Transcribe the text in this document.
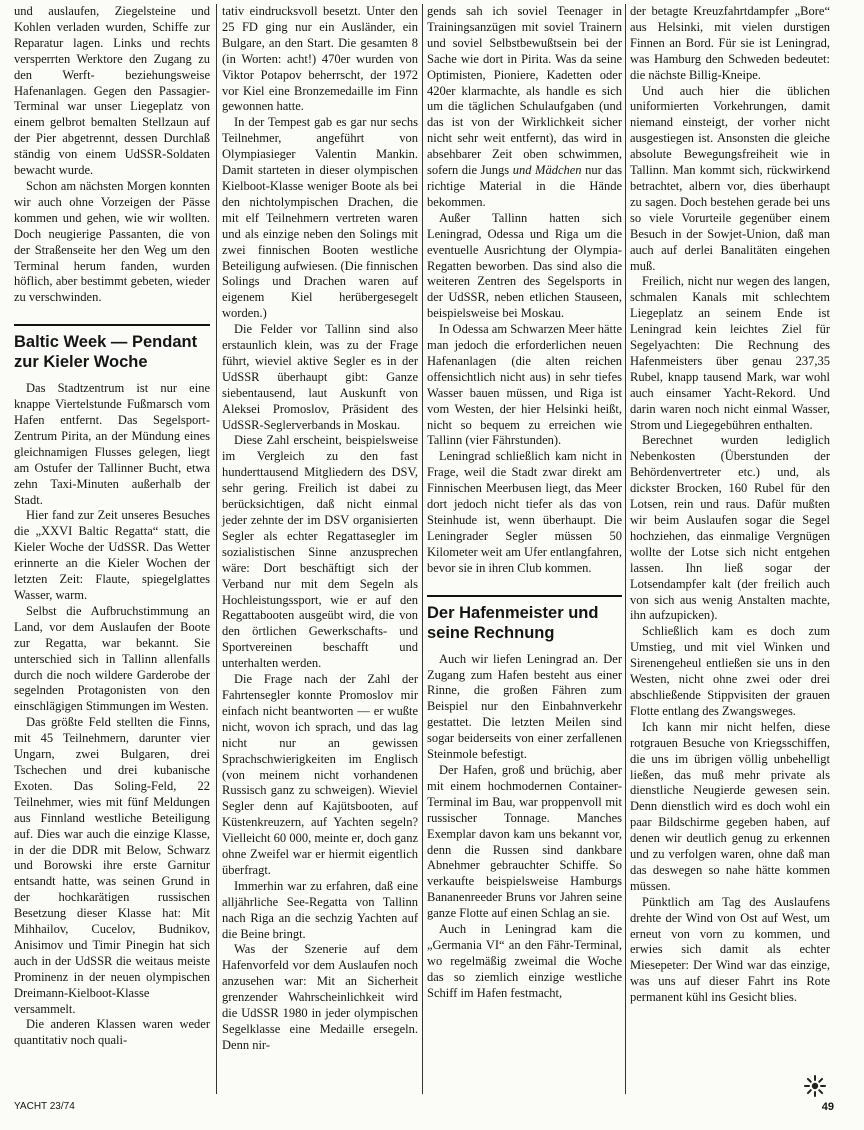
und auslaufen, Ziegelsteine und Kohlen verladen wurden, Schiffe zur Reparatur lagen. Links und rechts versperrten Werktore den Zugang zu den Werft- beziehungsweise Hafenanlagen. Gegen den Passagier-Terminal war unser Liegeplatz von einem gelbrot bemalten Stellzaun auf der Pier abgetrennt, dessen Durchlaß ständig von einem UdSSR-Soldaten bewacht wurde.

Schon am nächsten Morgen konnten wir auch ohne Vorzeigen der Pässe kommen und gehen, wie wir wollten. Doch neugierige Passanten, die von der Straßenseite her den Weg um den Terminal herum fanden, wurden höflich, aber bestimmt gebeten, wieder zu verschwinden.

Baltic Week — Pendant zur Kieler Woche

Das Stadtzentrum ist nur eine knappe Viertelstunde Fußmarsch vom Hafen entfernt. Das Segelsport-Zentrum Pirita, an der Mündung eines gleichnamigen Flusses gelegen, liegt am Ostufer der Tallinner Bucht, etwa zehn Taxi-Minuten außerhalb der Stadt.

Hier fand zur Zeit unseres Besuches die „XXVI Baltic Regatta“ statt, die Kieler Woche der UdSSR. Das Wetter erinnerte an die Kieler Wochen der letzten Zeit: Flaute, spiegelglattes Wasser, warm.

Selbst die Aufbruchstimmung an Land, vor dem Auslaufen der Boote zur Regatta, war bekannt. Sie unterschied sich in Tallinn allenfalls durch die noch wildere Garderobe der segelnden Protagonisten von den einschlägigen Stimmungen im Westen.

Das größte Feld stellten die Finns, mit 45 Teilnehmern, darunter vier Ungarn, zwei Bulgaren, drei Tschechen und drei kubanische Exoten. Das Soling-Feld, 22 Teilnehmer, wies mit fünf Meldungen aus Finnland westliche Beteiligung auf. Dies war auch die einzige Klasse, in der die DDR mit Below, Schwarz und Borowski ihre erste Garnitur entsandt hatte, was seinen Grund in der hochkarätigen russischen Besetzung dieser Klasse hat: Mit Mihhailov, Cucelov, Budnikov, Anisimov und Timir Pinegin hat sich auch in der UdSSR die weitaus meiste Prominenz in der neuen olympischen Dreimann-Kielboot-Klasse versammelt.

Die anderen Klassen waren weder quantitativ noch quali-

tativ eindrucksvoll besetzt. Unter den 25 FD ging nur ein Ausländer, ein Bulgare, an den Start. Die gesamten 8 (in Worten: acht!) 470er wurden von Viktor Potapov beherrscht, der 1972 vor Kiel eine Bronzemedaille im Finn gewonnen hatte.

In der Tempest gab es gar nur sechs Teilnehmer, angeführt von Olympiasieger Valentin Mankin. Damit starteten in dieser olympischen Kielboot-Klasse weniger Boote als bei den nichtolympischen Drachen, die mit elf Teilnehmern vertreten waren und als einzige neben den Solings mit zwei finnischen Booten westliche Beteiligung aufwiesen. (Die finnischen Solings und Drachen waren auf eigenem Kiel herübergesegelt worden.)

Die Felder vor Tallinn sind also erstaunlich klein, was zu der Frage führt, wieviel aktive Segler es in der UdSSR überhaupt gibt: Ganze siebentausend, laut Auskunft von Aleksei Promoslov, Präsident des UdSSR-Seglerverbands in Moskau.

Diese Zahl erscheint, beispielsweise im Vergleich zu den fast hunderttausend Mitgliedern des DSV, sehr gering. Freilich ist dabei zu berücksichtigen, daß nicht einmal jeder zehnte der im DSV organisierten Segler als echter Regattasegler im sozialistischen Sinne anzusprechen wäre: Dort beschäftigt sich der Verband nur mit dem Segeln als Hochleistungssport, wie er auf den Regattabooten ausgeübt wird, die von den örtlichen Gewerkschafts- und Sportvereinen beschafft und unterhalten werden.

Die Frage nach der Zahl der Fahrtensegler konnte Promoslov mir einfach nicht beantworten — er wußte nicht, wovon ich sprach, und das lag nicht nur an gewissen Sprachschwierigkeiten im Englisch (von meinem nicht vorhandenen Russisch ganz zu schweigen). Wieviel Segler denn auf Kajütsbooten, auf Küstenkreuzern, auf Yachten segeln? Vielleicht 60 000, meinte er, doch ganz ohne Zweifel war er hiermit eigentlich überfragt.

Immerhin war zu erfahren, daß eine alljährliche See-Regatta von Tallinn nach Riga an die sechzig Yachten auf die Beine bringt.

Was der Szenerie auf dem Hafenvorfeld vor dem Auslaufen noch anzusehen war: Mit an Sicherheit grenzender Wahrscheinlichkeit wird die UdSSR 1980 in jeder olympischen Segelklasse eine Medaille ersegeln. Denn nir-

gends sah ich soviel Teenager in Trainingsanzügen mit soviel Trainern und soviel Selbstbewußtsein bei der Sache wie dort in Pirita. Was da seine Optimisten, Pioniere, Kadetten oder 420er klarmachte, als handle es sich um die täglichen Schulaufgaben (und das ist von der Wirklichkeit sicher nicht sehr weit entfernt), das wird in absehbarer Zeit oben schwimmen, sofern die Jungs und Mädchen nur das richtige Material in die Hände bekommen.

Außer Tallinn hatten sich Leningrad, Odessa und Riga um die eventuelle Ausrichtung der Olympia-Regatten beworben. Das sind also die weiteren Zentren des Segelsports in der UdSSR, neben etlichen Stauseen, beispielsweise bei Moskau.

In Odessa am Schwarzen Meer hätte man jedoch die erforderlichen neuen Hafenanlagen (die alten reichen offensichtlich nicht aus) in sehr tiefes Wasser bauen müssen, und Riga ist vom Westen, der hier Helsinki heißt, nicht so bequem zu erreichen wie Tallinn (vier Fährstunden).

Leningrad schließlich kam nicht in Frage, weil die Stadt zwar direkt am Finnischen Meerbusen liegt, das Meer dort jedoch nicht tiefer als das von Steinhude ist, wenn überhaupt. Die Leningrader Segler müssen 50 Kilometer weit am Ufer entlangfahren, bevor sie in ihren Club kommen.

Der Hafenmeister und seine Rechnung

Auch wir liefen Leningrad an. Der Zugang zum Hafen besteht aus einer Rinne, die großen Fähren zum Beispiel nur den Einbahnverkehr gestattet. Die letzten Meilen sind sogar beiderseits von einer zerfallenen Steinmole befestigt.

Der Hafen, groß und brüchig, aber mit einem hochmodernen Container-Terminal im Bau, war proppenvoll mit russischer Tonnage. Manches Exemplar davon kam uns bekannt vor, denn die Russen sind dankbare Abnehmer gebrauchter Schiffe. So verkaufte beispielsweise Hamburgs Bananenreeder Bruns vor Jahren seine ganze Flotte auf einen Schlag an sie.

Auch in Leningrad kam die „Germania VI“ an den Fähr-Terminal, wo regelmäßig zweimal die Woche das so ziemlich einzige westliche Schiff im Hafen festmacht,

der betagte Kreuzfahrtdampfer „Bore“ aus Helsinki, mit vielen durstigen Finnen an Bord. Für sie ist Leningrad, was Hamburg den Schweden bedeutet: die nächste Billig-Kneipe.

Und auch hier die üblichen uniformierten Vorkehrungen, damit niemand einsteigt, der vorher nicht ausgestiegen ist. Ansonsten die gleiche absolute Bewegungsfreiheit wie in Tallinn. Man kommt sich, rückwirkend betrachtet, albern vor, dies überhaupt zu sagen. Doch bestehen gerade bei uns so viele Vorurteile gegenüber einem Besuch in der Sowjet-Union, daß man auch auf derlei Banalitäten eingehen muß.

Freilich, nicht nur wegen des langen, schmalen Kanals mit schlechtem Liegeplatz an seinem Ende ist Leningrad kein leichtes Ziel für Segelyachten: Die Rechnung des Hafenmeisters über genau 237,35 Rubel, knapp tausend Mark, war wohl auch einsamer Yacht-Rekord. Und darin waren noch nicht einmal Wasser, Strom und Liegegebühren enthalten.

Berechnet wurden lediglich Nebenkosten (Überstunden der Behördenvertreter etc.) und, als dickster Brocken, 160 Rubel für den Lotsen, rein und raus. Dafür mußten wir beim Auslaufen sogar die Segel hochziehen, das einmalige Vergnügen wollte der Lotse sich nicht entgehen lassen. Ihn ließ sogar der Lotsendampfer kalt (der freilich auch von sich aus wenig Anstalten machte, ihn aufzupicken).

Schließlich kam es doch zum Umstieg, und mit viel Winken und Sirenengeheul entließen sie uns in den Westen, nicht ohne zwei oder drei abschließende Stippvisiten der grauen Flotte entlang des Zwangsweges.

Ich kann mir nicht helfen, diese rotgrauen Besuche von Kriegsschiffen, die uns im übrigen völlig unbehelligt ließen, das muß mehr private als dienstliche Neugierde gewesen sein. Denn dienstlich wird es doch wohl ein paar Bildschirme gegeben haben, auf denen wir deutlich genug zu erkennen und zu verfolgen waren, ohne daß man das deswegen so nahe hätte kommen müssen.

Pünktlich am Tag des Auslaufens drehte der Wind von Ost auf West, um erneut von vorn zu kommen, und erwies sich damit als echter Miesepeter: Der Wind war das einzige, was uns auf dieser Fahrt ins Rote permanent kühl ins Gesicht blies.

YACHT 23/74	49
